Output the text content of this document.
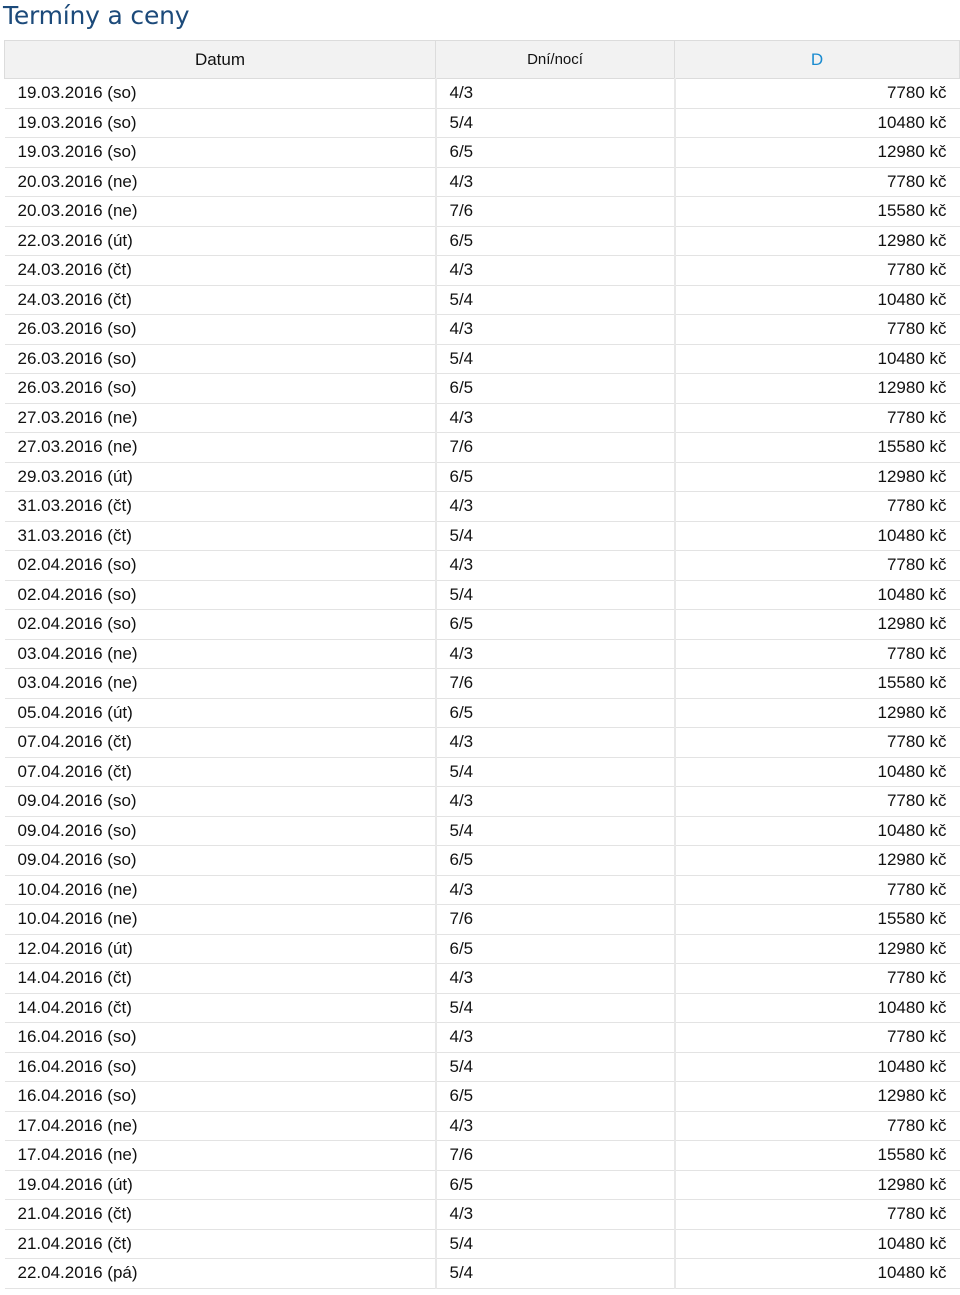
Termíny a ceny
Datum	Dní/nocí	D
19.03.2016 (so)	4/3	7780 kč
19.03.2016 (so)	5/4	10480 kč
19.03.2016 (so)	6/5	12980 kč
20.03.2016 (ne)	4/3	7780 kč
20.03.2016 (ne)	7/6	15580 kč
22.03.2016 (út)	6/5	12980 kč
24.03.2016 (čt)	4/3	7780 kč
24.03.2016 (čt)	5/4	10480 kč
26.03.2016 (so)	4/3	7780 kč
26.03.2016 (so)	5/4	10480 kč
26.03.2016 (so)	6/5	12980 kč
27.03.2016 (ne)	4/3	7780 kč
27.03.2016 (ne)	7/6	15580 kč
29.03.2016 (út)	6/5	12980 kč
31.03.2016 (čt)	4/3	7780 kč
31.03.2016 (čt)	5/4	10480 kč
02.04.2016 (so)	4/3	7780 kč
02.04.2016 (so)	5/4	10480 kč
02.04.2016 (so)	6/5	12980 kč
03.04.2016 (ne)	4/3	7780 kč
03.04.2016 (ne)	7/6	15580 kč
05.04.2016 (út)	6/5	12980 kč
07.04.2016 (čt)	4/3	7780 kč
07.04.2016 (čt)	5/4	10480 kč
09.04.2016 (so)	4/3	7780 kč
09.04.2016 (so)	5/4	10480 kč
09.04.2016 (so)	6/5	12980 kč
10.04.2016 (ne)	4/3	7780 kč
10.04.2016 (ne)	7/6	15580 kč
12.04.2016 (út)	6/5	12980 kč
14.04.2016 (čt)	4/3	7780 kč
14.04.2016 (čt)	5/4	10480 kč
16.04.2016 (so)	4/3	7780 kč
16.04.2016 (so)	5/4	10480 kč
16.04.2016 (so)	6/5	12980 kč
17.04.2016 (ne)	4/3	7780 kč
17.04.2016 (ne)	7/6	15580 kč
19.04.2016 (út)	6/5	12980 kč
21.04.2016 (čt)	4/3	7780 kč
21.04.2016 (čt)	5/4	10480 kč
22.04.2016 (pá)	5/4	10480 kč
